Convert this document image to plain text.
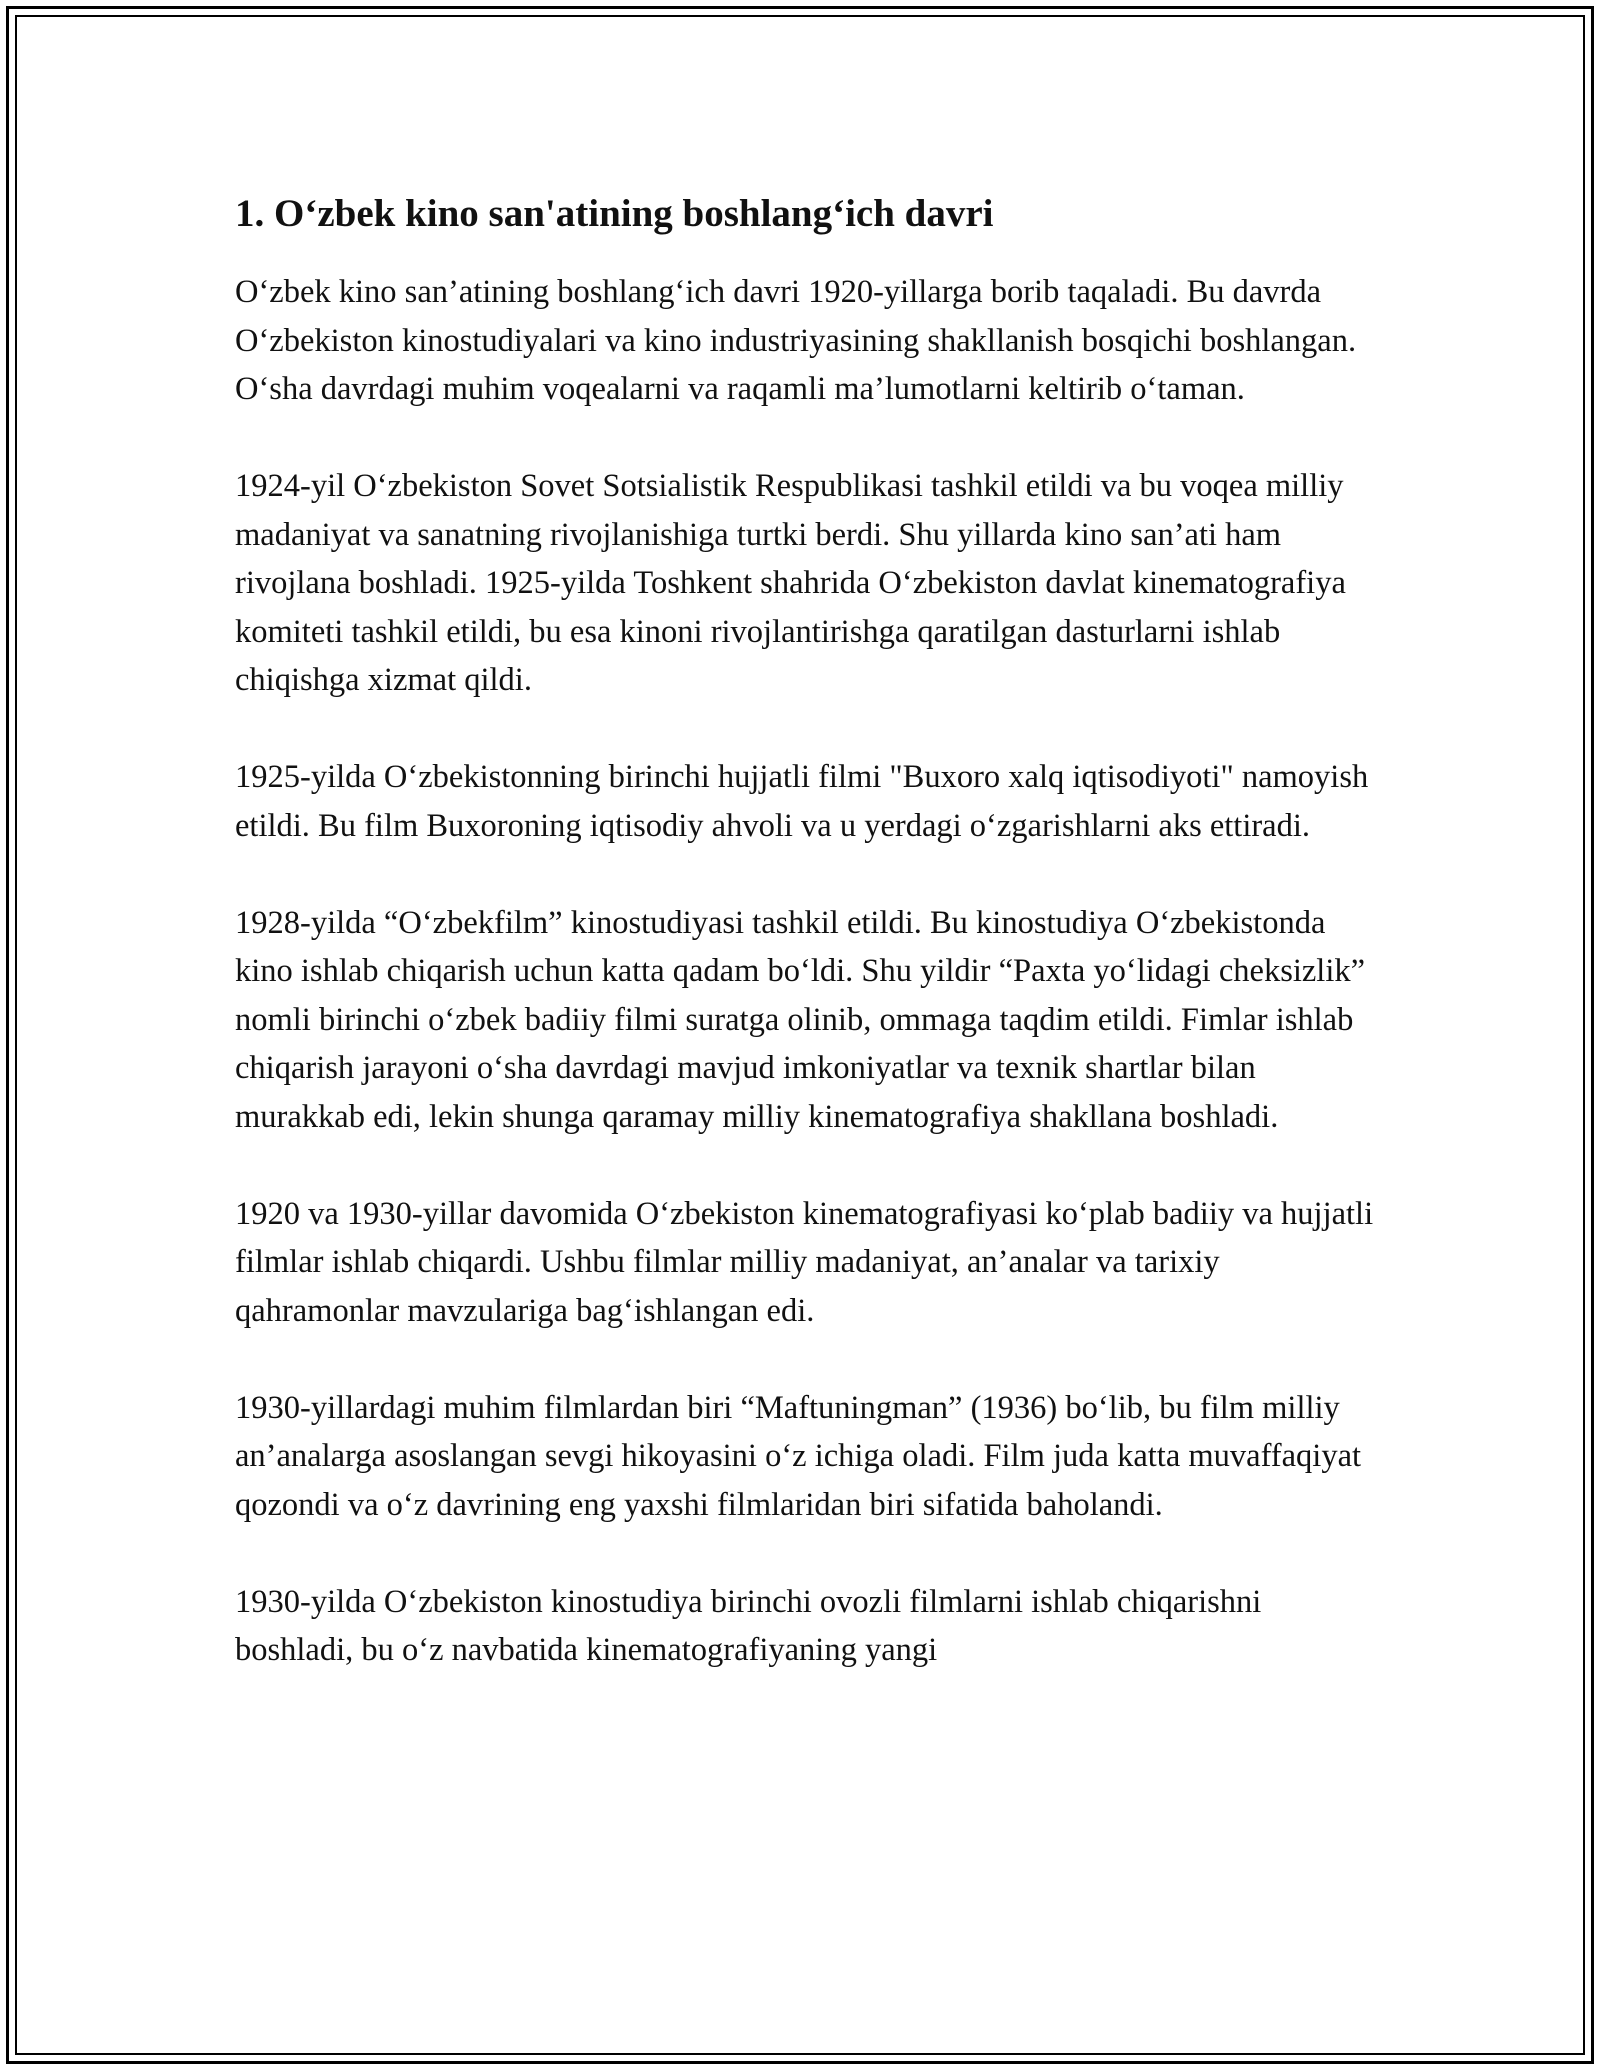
1. O‘zbek kino san'atining boshlang‘ich davri

O‘zbek kino san’atining boshlang‘ich davri 1920-yillarga borib taqaladi. Bu davrda O‘zbekiston kinostudiyalari va kino industriyasining shakllanish bosqichi boshlangan. O‘sha davrdagi muhim voqealarni va raqamli ma’lumotlarni keltirib o‘taman.

1924-yil O‘zbekiston Sovet Sotsialistik Respublikasi tashkil etildi va bu voqea milliy madaniyat va sanatning rivojlanishiga turtki berdi. Shu yillarda kino san’ati ham rivojlana boshladi. 1925-yilda Toshkent shahrida O‘zbekiston davlat kinematografiya komiteti tashkil etildi, bu esa kinoni rivojlantirishga qaratilgan dasturlarni ishlab chiqishga xizmat qildi.

1925-yilda O‘zbekistonning birinchi hujjatli filmi "Buxoro xalq iqtisodiyoti" namoyish etildi. Bu film Buxoroning iqtisodiy ahvoli va u yerdagi o‘zgarishlarni aks ettiradi.

1928-yilda “O‘zbekfilm” kinostudiyasi tashkil etildi. Bu kinostudiya O‘zbekistonda kino ishlab chiqarish uchun katta qadam bo‘ldi. Shu yildir “Paxta yo‘lidagi cheksizlik” nomli birinchi o‘zbek badiiy filmi suratga olinib, ommaga taqdim etildi. Fimlar ishlab chiqarish jarayoni o‘sha davrdagi mavjud imkoniyatlar va texnik shartlar bilan murakkab edi, lekin shunga qaramay milliy kinematografiya shakllana boshladi.

1920 va 1930-yillar davomida O‘zbekiston kinematografiyasi ko‘plab badiiy va hujjatli filmlar ishlab chiqardi. Ushbu filmlar milliy madaniyat, an’analar va tarixiy qahramonlar mavzulariga bag‘ishlangan edi.

1930-yillardagi muhim filmlardan biri “Maftuningman” (1936) bo‘lib, bu film milliy an’analarga asoslangan sevgi hikoyasini o‘z ichiga oladi. Film juda katta muvaffaqiyat qozondi va o‘z davrining eng yaxshi filmlaridan biri sifatida baholandi.

1930-yilda O‘zbekiston kinostudiya birinchi ovozli filmlarni ishlab chiqarishni boshladi, bu o‘z navbatida kinematografiyaning yangi
